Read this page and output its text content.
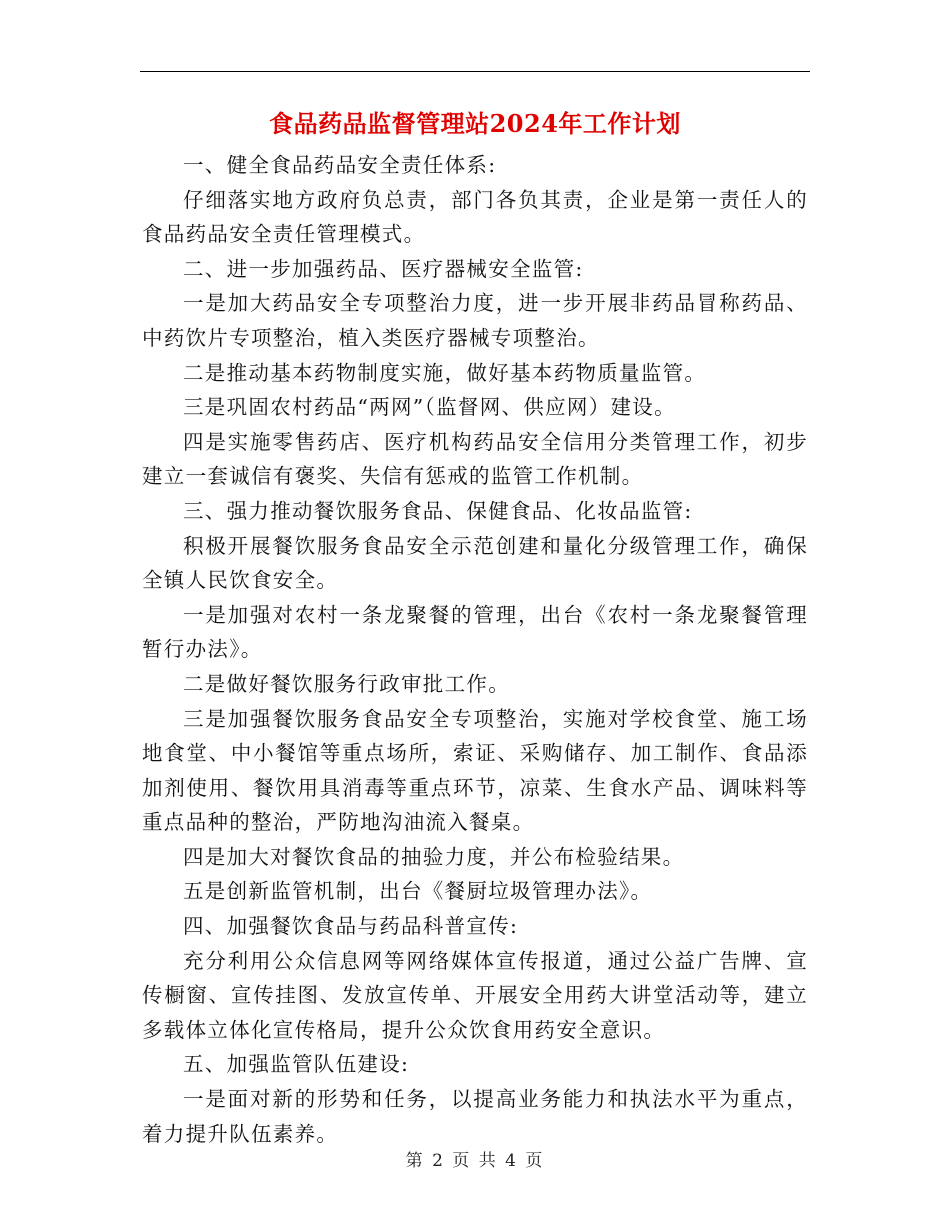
食品药品监督管理站2024年工作计划

一、健全食品药品安全责任体系:

仔细落实地方政府负总责，部门各负其责，企业是第一责任人的食品药品安全责任管理模式。

二、进一步加强药品、医疗器械安全监管:

一是加大药品安全专项整治力度，进一步开展非药品冒称药品、中药饮片专项整治，植入类医疗器械专项整治。

二是推动基本药物制度实施，做好基本药物质量监管。

三是巩固农村药品“两网”（监督网、供应网）建设。

四是实施零售药店、医疗机构药品安全信用分类管理工作，初步建立一套诚信有褒奖、失信有惩戒的监管工作机制。

三、强力推动餐饮服务食品、保健食品、化妆品监管:

积极开展餐饮服务食品安全示范创建和量化分级管理工作，确保全镇人民饮食安全。

一是加强对农村一条龙聚餐的管理，出台《农村一条龙聚餐管理暂行办法》。

二是做好餐饮服务行政审批工作。

三是加强餐饮服务食品安全专项整治，实施对学校食堂、施工场地食堂、中小餐馆等重点场所，索证、采购储存、加工制作、食品添加剂使用、餐饮用具消毒等重点环节，凉菜、生食水产品、调味料等重点品种的整治，严防地沟油流入餐桌。

四是加大对餐饮食品的抽验力度，并公布检验结果。

五是创新监管机制，出台《餐厨垃圾管理办法》。

四、加强餐饮食品与药品科普宣传:

充分利用公众信息网等网络媒体宣传报道，通过公益广告牌、宣传橱窗、宣传挂图、发放宣传单、开展安全用药大讲堂活动等，建立多载体立体化宣传格局，提升公众饮食用药安全意识。

五、加强监管队伍建设:

一是面对新的形势和任务，以提高业务能力和执法水平为重点，着力提升队伍素养。

第 2 页 共 4 页
